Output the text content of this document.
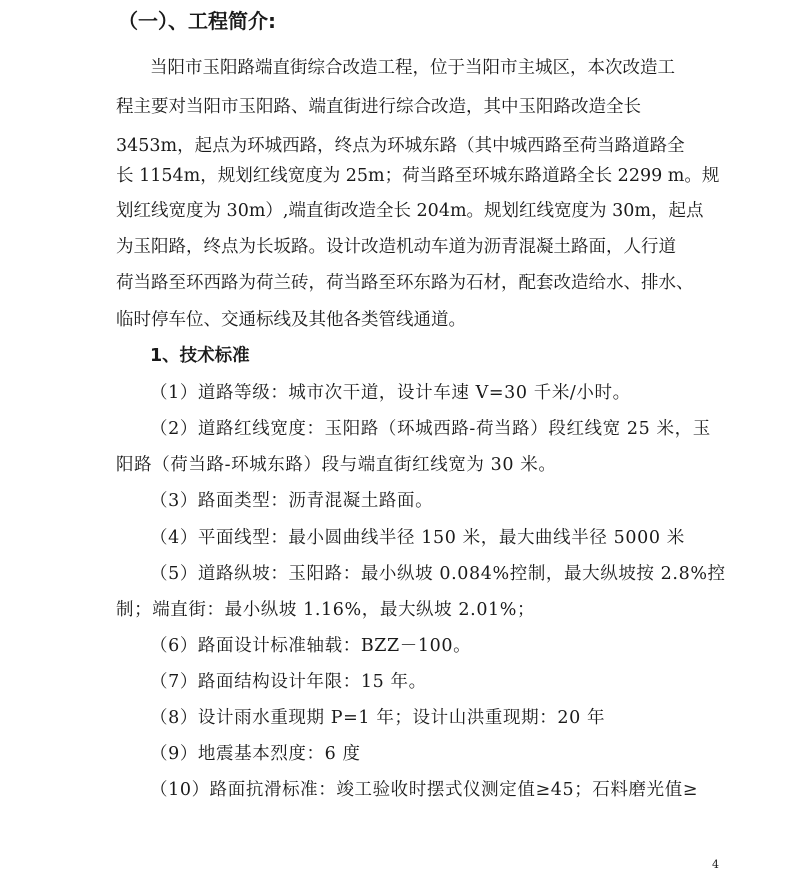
（一）、工程简介:
当阳市玉阳路端直街综合改造工程，位于当阳市主城区，本次改造工
程主要对当阳市玉阳路、端直街进行综合改造，其中玉阳路改造全长
3453m，起点为环城西路，终点为环城东路（其中城西路至荷当路道路全
长 1154m，规划红线宽度为 25m；荷当路至环城东路道路全长 2299 m。规
划红线宽度为 30m）,端直街改造全长 204m。规划红线宽度为 30m，起点
为玉阳路，终点为长坂路。设计改造机动车道为沥青混凝土路面，人行道
荷当路至环西路为荷兰砖，荷当路至环东路为石材，配套改造给水、排水、
临时停车位、交通标线及其他各类管线通道。
1、技术标准
（1）道路等级：城市次干道，设计车速 V=30 千米/小时。
（2）道路红线宽度：玉阳路（环城西路-荷当路）段红线宽 25 米，玉
阳路（荷当路-环城东路）段与端直街红线宽为 30 米。
（3）路面类型：沥青混凝土路面。
（4）平面线型：最小圆曲线半径 150 米，最大曲线半径 5000 米
（5）道路纵坡：玉阳路：最小纵坡 0.084%控制，最大纵坡按 2.8%控
制；端直街：最小纵坡 1.16%，最大纵坡 2.01%；
（6）路面设计标准轴载：BZZ－100。
（7）路面结构设计年限：15 年。
（8）设计雨水重现期 P=1 年；设计山洪重现期：20 年
（9）地震基本烈度：6 度
（10）路面抗滑标准：竣工验收时摆式仪测定值≥45；石料磨光值≥
4
